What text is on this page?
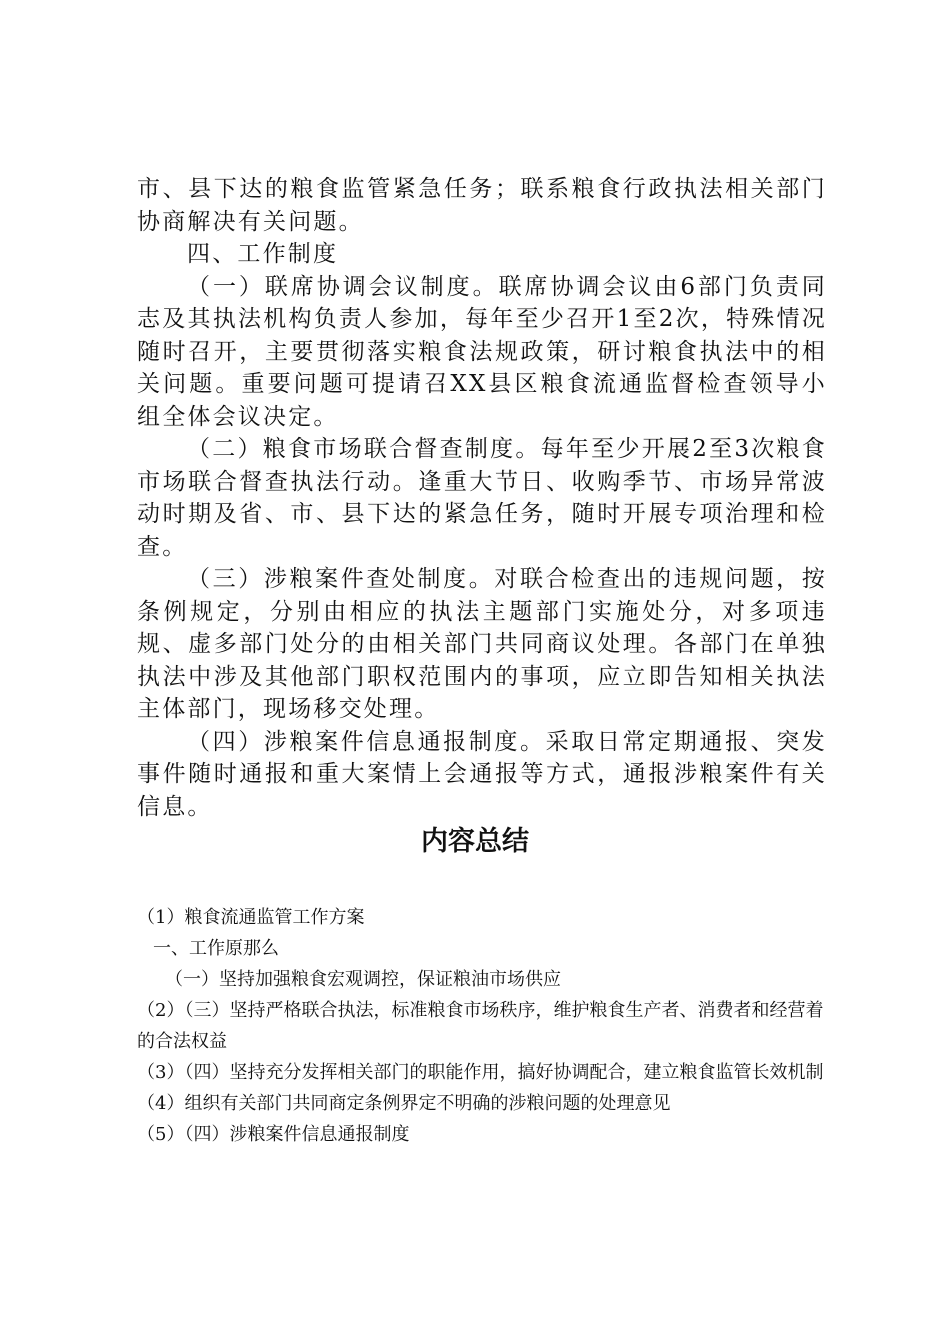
市、县下达的粮食监管紧急任务；联系粮食行政执法相关部门协商解决有关问题。

四、工作制度

（一）联席协调会议制度。联席协调会议由6部门负责同志及其执法机构负责人参加，每年至少召开1至2次，特殊情况随时召开，主要贯彻落实粮食法规政策，研讨粮食执法中的相关问题。重要问题可提请召XX县区粮食流通监督检查领导小组全体会议决定。

（二）粮食市场联合督查制度。每年至少开展2至3次粮食市场联合督查执法行动。逢重大节日、收购季节、市场异常波动时期及省、市、县下达的紧急任务，随时开展专项治理和检查。

（三）涉粮案件查处制度。对联合检查出的违规问题，按条例规定，分别由相应的执法主题部门实施处分，对多项违规、虚多部门处分的由相关部门共同商议处理。各部门在单独执法中涉及其他部门职权范围内的事项，应立即告知相关执法主体部门，现场移交处理。

（四）涉粮案件信息通报制度。采取日常定期通报、突发事件随时通报和重大案情上会通报等方式，通报涉粮案件有关信息。

内容总结

（1）粮食流通监管工作方案

一、工作原那么

（一）坚持加强粮食宏观调控，保证粮油市场供应

（2）（三）坚持严格联合执法，标准粮食市场秩序，维护粮食生产者、消费者和经营着的合法权益

（3）（四）坚持充分发挥相关部门的职能作用，搞好协调配合，建立粮食监管长效机制

（4）组织有关部门共同商定条例界定不明确的涉粮问题的处理意见

（5）（四）涉粮案件信息通报制度
